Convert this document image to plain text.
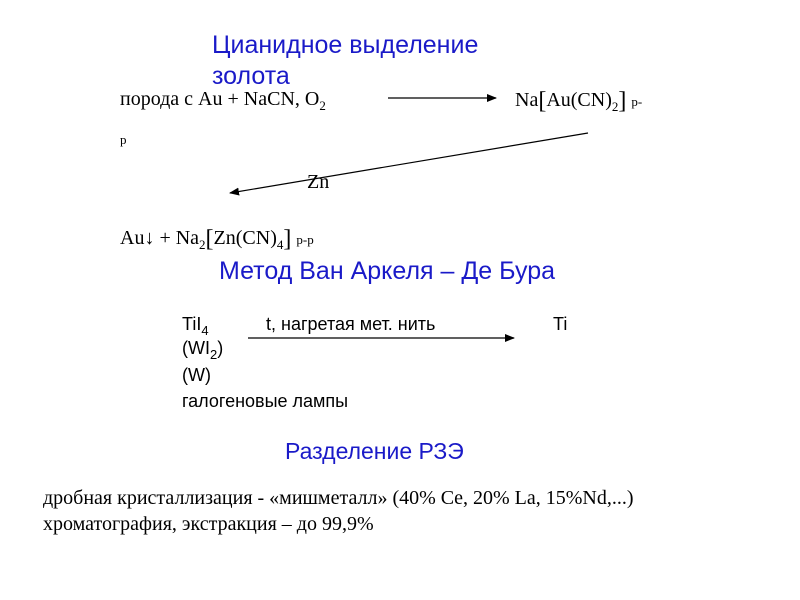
Цианидное выделение золота
порода с Au + NaCN, $O_2$	$Na[Au(CN)_2]$ р-
р
Zn
Au↓ + $Na_2[Zn(CN)_4]$ р-р
Метод Ван Аркеля – Де Бура
TiI$_4$	t, нагретая мет. нить	Ti
$(WI_2)$
(W)
галогеновые лампы
Разделение РЗЭ
дробная кристаллизация - «мишметалл» (40% Ce, 20% La, 15%Nd,...)
хроматография, экстракция – до 99,9%
